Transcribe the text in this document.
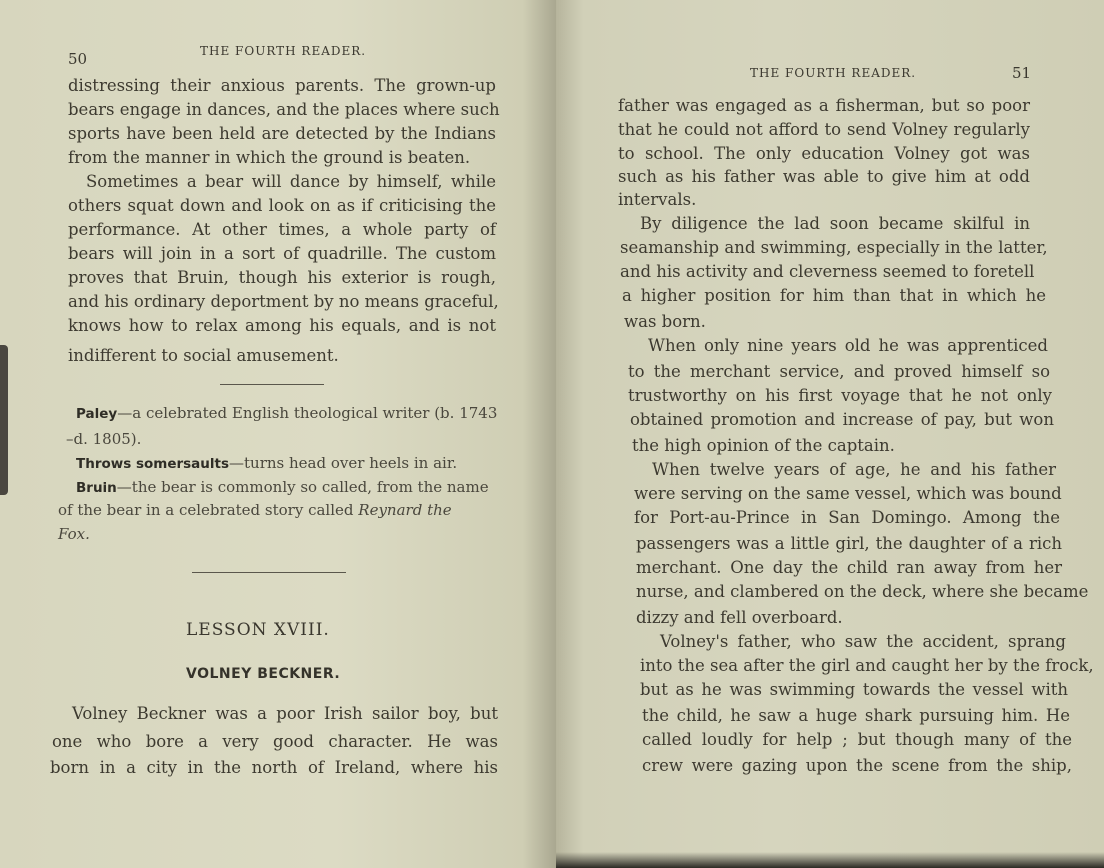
50	THE FOURTH READER.
distressing their anxious parents. The grown-up
bears engage in dances, and the places where such
sports have been held are detected by the Indians
from the manner in which the ground is beaten.
Sometimes a bear will dance by himself, while
others squat down and look on as if criticising the
performance. At other times, a whole party of
bears will join in a sort of quadrille. The custom
proves that Bruin, though his exterior is rough,
and his ordinary deportment by no means graceful,
knows how to relax among his equals, and is not
indifferent to social amusement.
Paley—a celebrated English theological writer (b. 1743
–d. 1805).
Throws somersaults—turns head over heels in air.
Bruin—the bear is commonly so called, from the name
of the bear in a celebrated story called Reynard the
Fox.
LESSON XVIII.
VOLNEY BECKNER.
Volney Beckner was a poor Irish sailor boy, but
one who bore a very good character. He was
born in a city in the north of Ireland, where his
THE FOURTH READER.	51
father was engaged as a fisherman, but so poor
that he could not afford to send Volney regularly
to school. The only education Volney got was
such as his father was able to give him at odd
intervals.
By diligence the lad soon became skilful in
seamanship and swimming, especially in the latter,
and his activity and cleverness seemed to foretell
a higher position for him than that in which he
was born.
When only nine years old he was apprenticed
to the merchant service, and proved himself so
trustworthy on his first voyage that he not only
obtained promotion and increase of pay, but won
the high opinion of the captain.
When twelve years of age, he and his father
were serving on the same vessel, which was bound
for Port-au-Prince in San Domingo. Among the
passengers was a little girl, the daughter of a rich
merchant. One day the child ran away from her
nurse, and clambered on the deck, where she became
dizzy and fell overboard.
Volney's father, who saw the accident, sprang
into the sea after the girl and caught her by the frock,
but as he was swimming towards the vessel with
the child, he saw a huge shark pursuing him. He
called loudly for help ; but though many of the
crew were gazing upon the scene from the ship,
